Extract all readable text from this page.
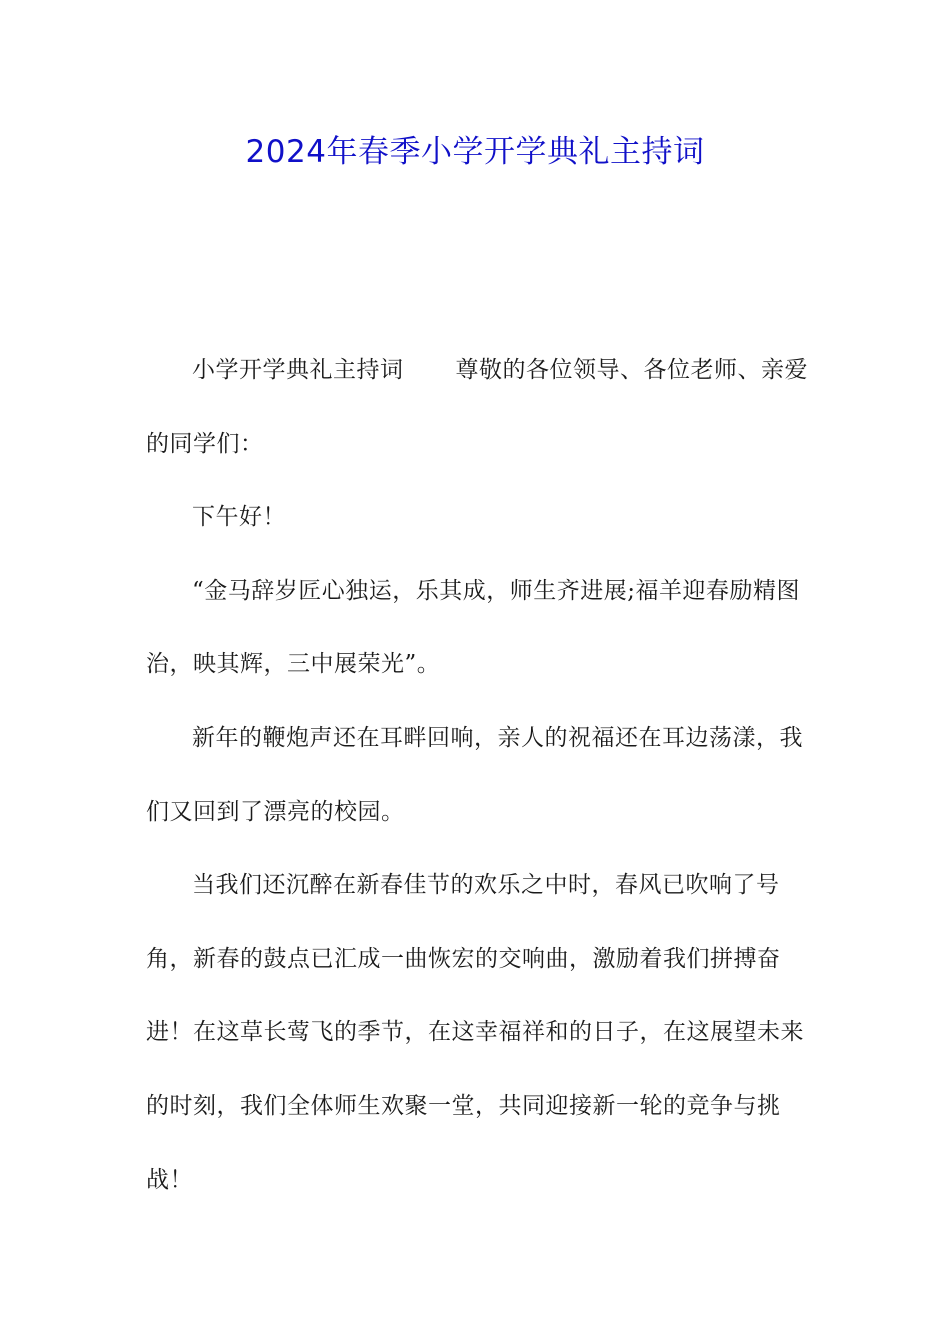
2024年春季小学开学典礼主持词

小学开学典礼主持词 尊敬的各位领导、各位老师、亲爱的同学们：

下午好！

“金马辞岁匠心独运，乐其成，师生齐进展;福羊迎春励精图治，映其辉，三中展荣光”。

新年的鞭炮声还在耳畔回响，亲人的祝福还在耳边荡漾，我们又回到了漂亮的校园。

当我们还沉醉在新春佳节的欢乐之中时，春风已吹响了号角，新春的鼓点已汇成一曲恢宏的交响曲，激励着我们拼搏奋进！在这草长莺飞的季节，在这幸福祥和的日子，在这展望未来的时刻，我们全体师生欢聚一堂，共同迎接新一轮的竞争与挑战！
